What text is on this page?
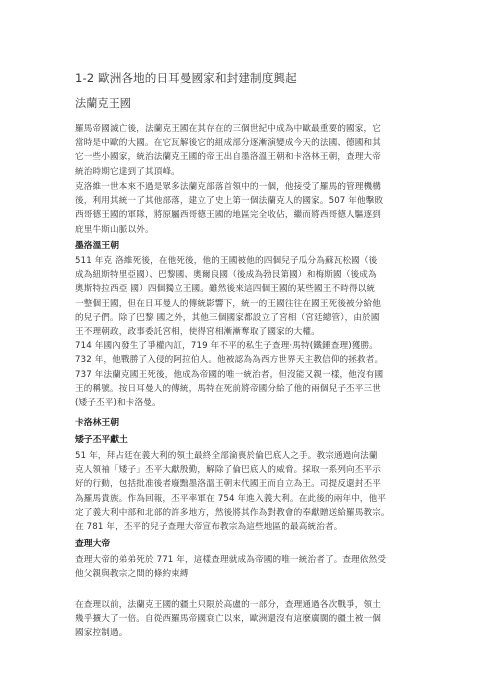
1-2 歐洲各地的日耳曼國家和封建制度興起

法蘭克王國

羅馬帝國滅亡後，法蘭克王國在其存在的三個世紀中成為中歐最重要的國家，它
當時是中歐的大國。在它瓦解後它的組成部分逐漸演變成今天的法國、德國和其
它一些小國家，統治法蘭克王國的帝王出自墨洛溫王朝和卡洛林王朝，查理大帝
統治時期它達到了其頂峰。

克洛維一世本來不過是眾多法蘭克部落首領中的一個，他接受了羅馬的管理機構
後，利用其統一了其他部落，建立了史上第一個法蘭克人的國家。507 年他擊敗
西哥德王國的軍隊，將原屬西哥德王國的地區完全收佔，繼而將西哥德人驅逐到
庇里牛斯山脈以外。

墨洛溫王朝

511 年克 洛維死後，在他死後，他的王國被他的四個兒子瓜分為蘇瓦松國（後
成為紐斯特里亞國）、巴黎國、奧爾良國（後成為勃艮第國）和梅斯國（後成為
奧斯特拉西亞 國）四個獨立王國。雖然後來這四個王國的某些國王不時得以統
一整個王國，但在日耳曼人的傳統影響下，統一的王國往往在國王死後被分給他
的兒子們。除了巴黎 國之外，其他三個國家都設立了宮相（宮廷總管），由於國
王不理朝政，政事委託宮相，使得宮相漸漸奪取了國家的大權。
714 年國內發生了爭權內訌，719 年不平的私生子查理·馬特(鐵錘查理)獲勝。
732 年，他戰勝了入侵的阿拉伯人。他被認為為西方世界天主教信仰的拯救者。
737 年法蘭克國王死後，他成為帝國的唯一統治者，但沒能又親一樣，他沒有國
王的稱號。按日耳曼人的傳統，馬特在死前將帝國分給了他的兩個兒子丕平三世
(矮子丕平)和卡洛曼。

卡洛林王朝

矮子丕平獻土

51 年，拜占廷在義大利的領土最終全部淪喪於倫巴底人之手。教宗通過向法蘭
克人領袖「矮子」丕平大獻殷勤，解除了倫巴底人的威脅。採取一系列向丕平示
好的行動，包括批准後者廢黜墨洛溫王朝末代國王而自立為王。司提反還封丕平
為羅馬貴族。作為回報，丕平率軍在 754 年進入義大利。在此後的兩年中，他平
定了義大利中部和北部的許多地方，然後將其作為對教會的奉獻贈送給羅馬教宗。
在 781 年，丕平的兒子查理大帝宣布教宗為這些地區的最高統治者。

查理大帝

查理大帝的弟弟死於 771 年，這樣查理就成為帝國的唯一統治者了。查理依然受
他父親與教宗之間的條約束縛

在查理以前，法蘭克王國的疆土只限於高盧的一部分，查理通過各次戰爭，領土
幾乎擴大了一倍。自從西羅馬帝國衰亡以來，歐洲還沒有這麼廣闊的疆土被一個
國家控制過。
